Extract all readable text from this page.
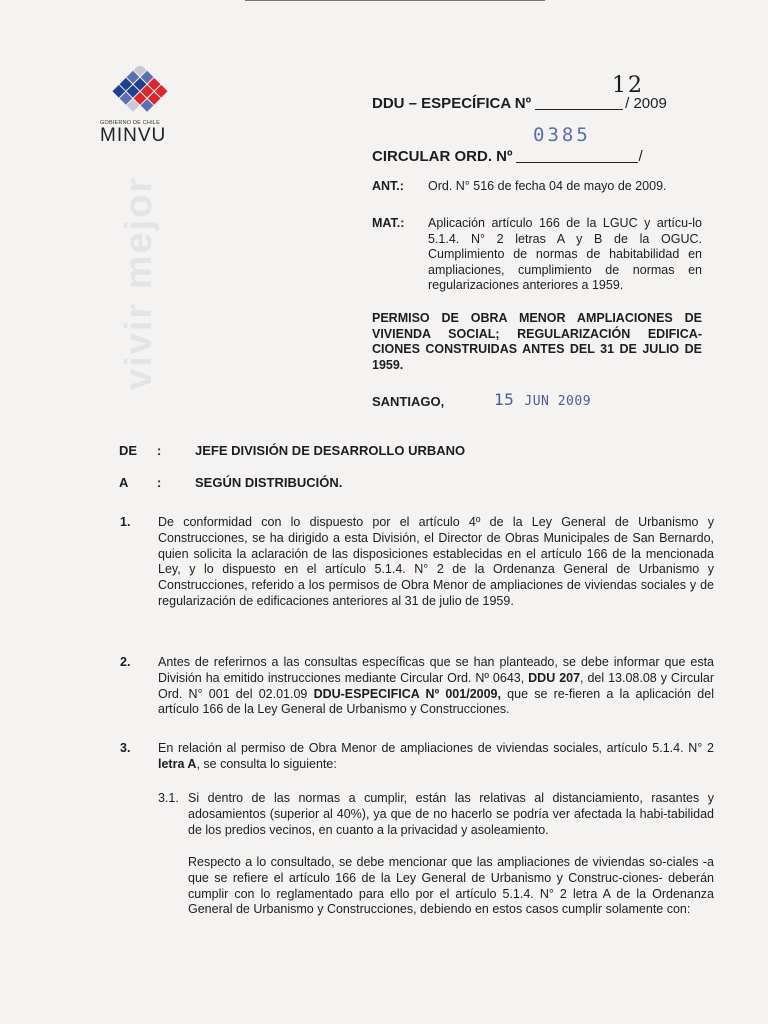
GOBIERNO DE CHILE
MINVU
vivir mejor
DDU – ESPECÍFICA Nº	/ 2009
12
0385
CIRCULAR ORD. Nº	/
ANT.: Ord. N° 516 de fecha 04 de mayo de 2009.
MAT.: Aplicación artículo 166 de la LGUC y artícu-lo 5.1.4. N° 2 letras A y B de la OGUC. Cumplimiento de normas de habitabilidad en ampliaciones, cumplimiento de normas en regularizaciones anteriores a 1959.
PERMISO DE OBRA MENOR AMPLIACIONES DE VIVIENDA SOCIAL; REGULARIZACIÓN EDIFICA-CIONES CONSTRUIDAS ANTES DEL 31 DE JULIO DE 1959.
SANTIAGO,	15 JUN 2009
DE :	JEFE DIVISIÓN DE DESARROLLO URBANO
A :	SEGÚN DISTRIBUCIÓN.
1. De conformidad con lo dispuesto por el artículo 4º de la Ley General de Urbanismo y Construcciones, se ha dirigido a esta División, el Director de Obras Municipales de San Bernardo, quien solicita la aclaración de las disposiciones establecidas en el artículo 166 de la mencionada Ley, y lo dispuesto en el artículo 5.1.4. N° 2 de la Ordenanza General de Urbanismo y Construcciones, referido a los permisos de Obra Menor de ampliaciones de viviendas sociales y de regularización de edificaciones anteriores al 31 de julio de 1959.
2. Antes de referirnos a las consultas específicas que se han planteado, se debe informar que esta División ha emitido instrucciones mediante Circular Ord. Nº 0643, DDU 207, del 13.08.08 y Circular Ord. N° 001 del 02.01.09 DDU-ESPECIFICA Nº 001/2009, que se re-fieren a la aplicación del artículo 166 de la Ley General de Urbanismo y Construcciones.
3. En relación al permiso de Obra Menor de ampliaciones de viviendas sociales, artículo 5.1.4. N° 2 letra A, se consulta lo siguiente:
3.1. Si dentro de las normas a cumplir, están las relativas al distanciamiento, rasantes y adosamientos (superior al 40%), ya que de no hacerlo se podría ver afectada la habi-tabilidad de los predios vecinos, en cuanto a la privacidad y asoleamiento.
Respecto a lo consultado, se debe mencionar que las ampliaciones de viviendas so-ciales -a que se refiere el artículo 166 de la Ley General de Urbanismo y Construc-ciones- deberán cumplir con lo reglamentado para ello por el artículo 5.1.4. N° 2 letra A de la Ordenanza General de Urbanismo y Construcciones, debiendo en estos casos cumplir solamente con:
